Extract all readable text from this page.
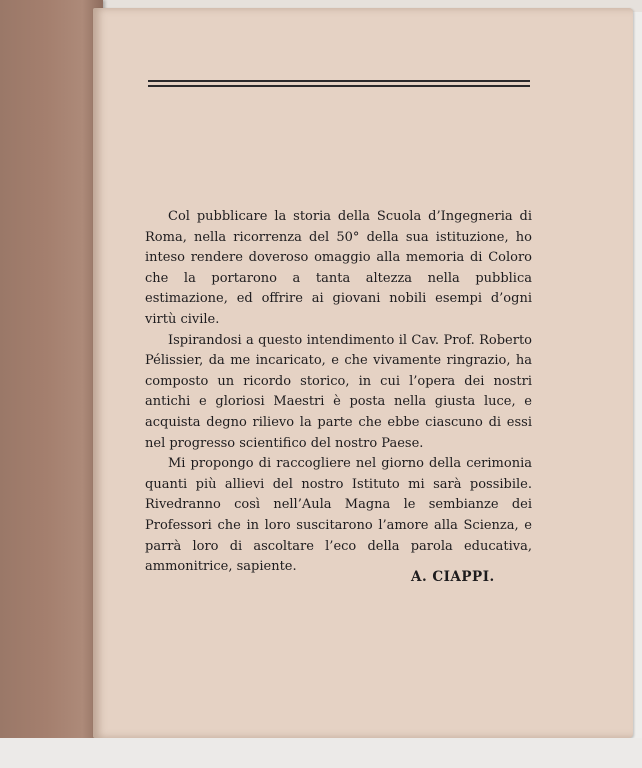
Col pubblicare la storia della Scuola d’Ingegneria di Roma, nella ricorrenza del 50° della sua istituzione, ho inteso rendere doveroso omaggio alla memoria di Coloro che la portarono a tanta altezza nella pubblica estimazione, ed offrire ai giovani nobili esempi d’ogni virtù civile.

Ispirandosi a questo intendimento il Cav. Prof. Roberto Pélissier, da me incaricato, e che vivamente ringrazio, ha composto un ricordo storico, in cui l’opera dei nostri antichi e gloriosi Maestri è posta nella giusta luce, e acquista degno rilievo la parte che ebbe ciascuno di essi nel progresso scientifico del nostro Paese.

Mi propongo di raccogliere nel giorno della cerimonia quanti più allievi del nostro Istituto mi sarà possibile. Rivedranno così nell’Aula Magna le sembianze dei Professori che in loro suscitarono l’amore alla Scienza, e parrà loro di ascoltare l’eco della parola educativa, ammonitrice, sapiente.

A. CIAPPI.
